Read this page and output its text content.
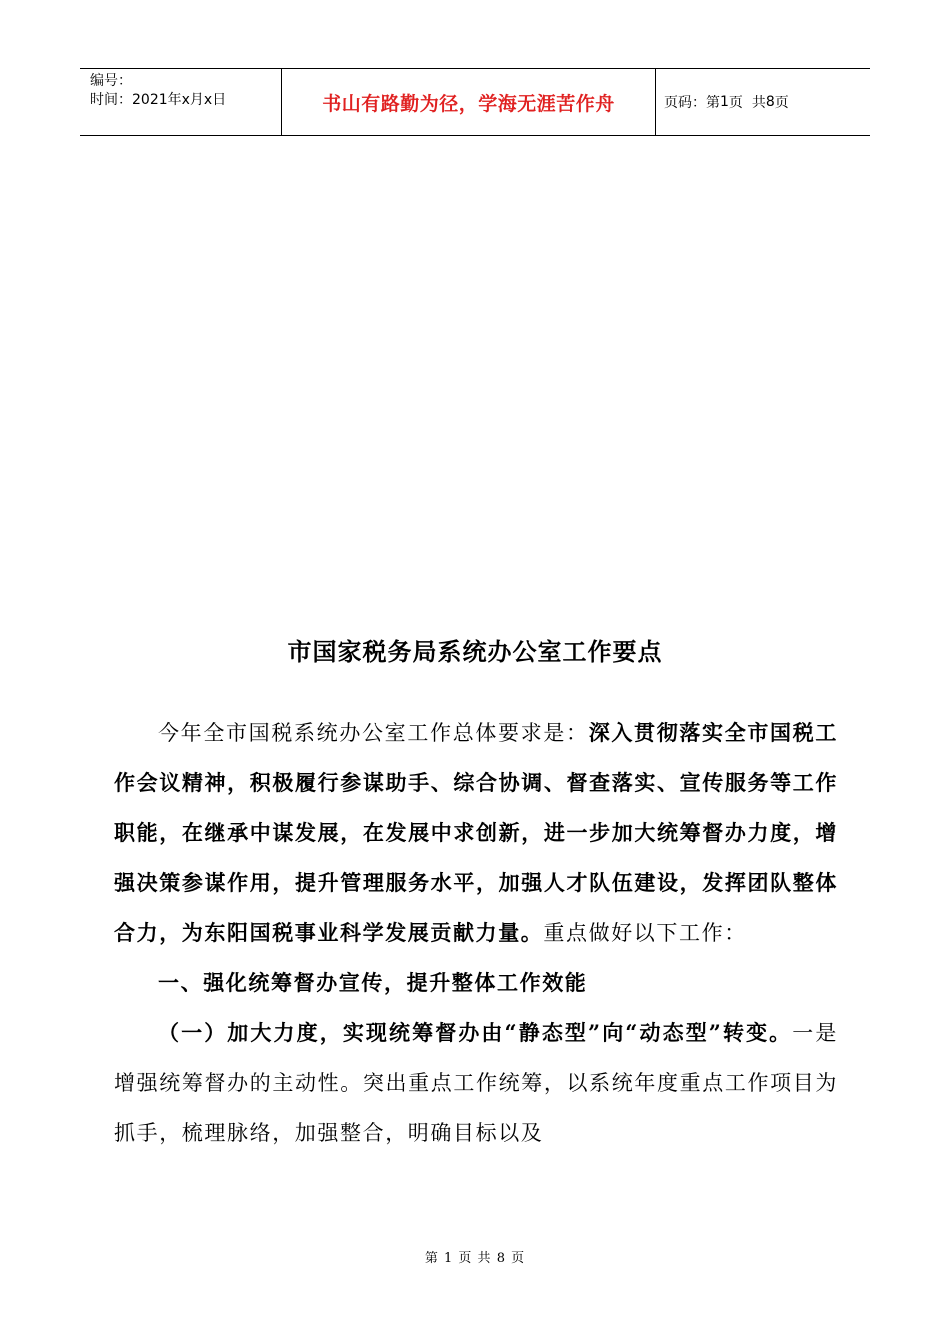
编号：
时间：2021年x月x日	书山有路勤为径，学海无涯苦作舟	页码：第 1 页  共 8 页
市国家税务局系统办公室工作要点

今年全市国税系统办公室工作总体要求是：深入贯彻落实全市国税工作会议精神，积极履行参谋助手、综合协调、督查落实、宣传服务等工作职能，在继承中谋发展，在发展中求创新，进一步加大统筹督办力度，增强决策参谋作用，提升管理服务水平，加强人才队伍建设，发挥团队整体合力，为东阳国税事业科学发展贡献力量。重点做好以下工作：

一、强化统筹督办宣传，提升整体工作效能

（一）加大力度，实现统筹督办由“静态型”向“动态型”转变。一是增强统筹督办的主动性。突出重点工作统筹，以系统年度重点工作项目为抓手，梳理脉络，加强整合，明确目标以及

第 1 页 共 8 页
